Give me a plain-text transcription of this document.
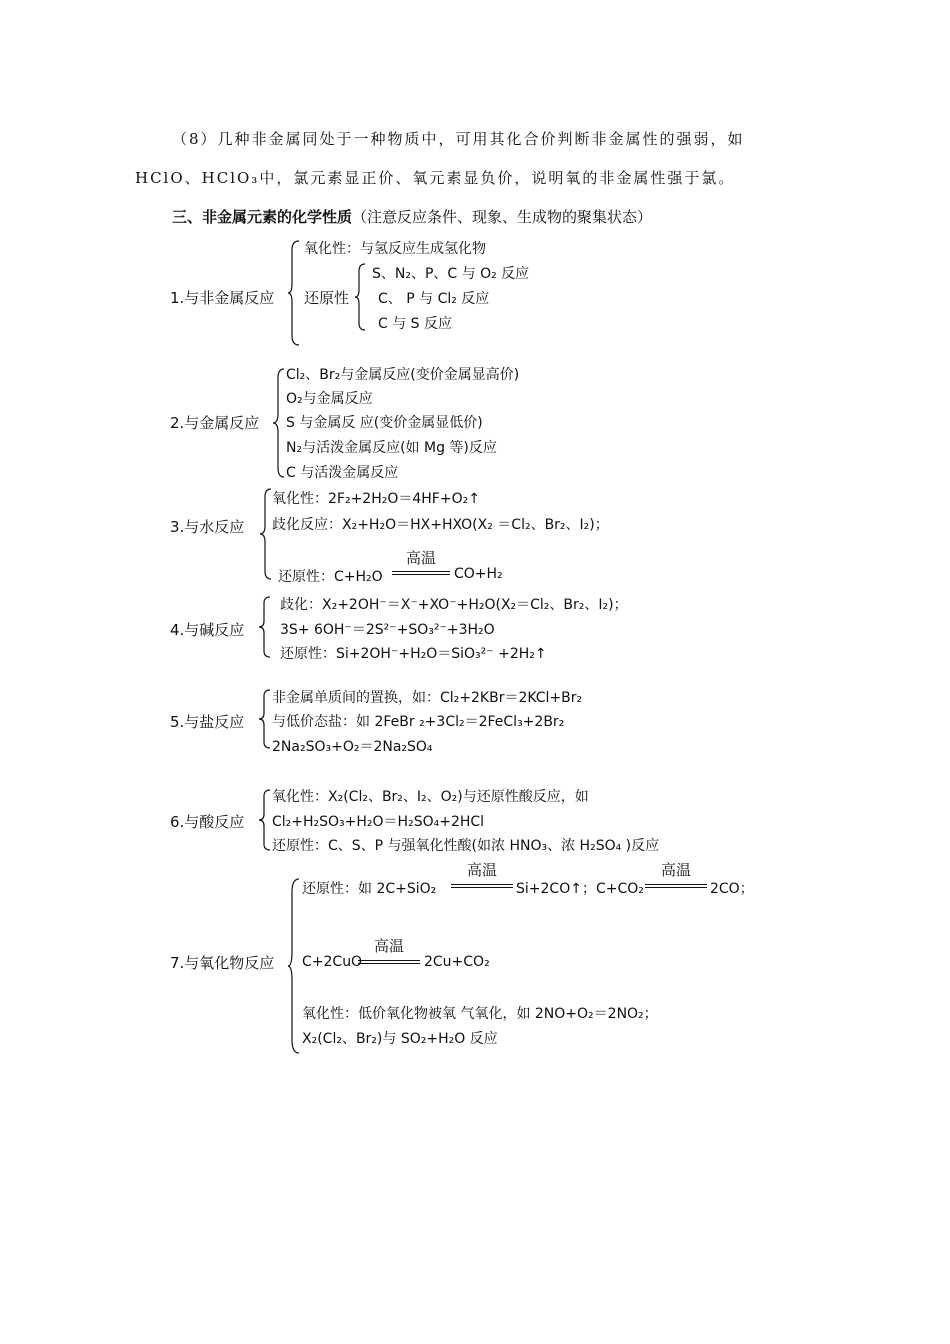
（8）几种非金属同处于一种物质中，可用其化合价判断非金属性的强弱，如
HClO、HClO₃中，氯元素显正价、氧元素显负价，说明氧的非金属性强于氯。
三、非金属元素的化学性质（注意反应条件、现象、生成物的聚集状态）
1.与非金属反应
氧化性：与氢反应生成氢化物
还原性
S、N₂、P、C 与 O₂ 反应
C、 P 与 Cl₂ 反应
C 与 S 反应
2.与金属反应
Cl₂、Br₂与金属反应(变价金属显高价)
O₂与金属反应
S 与金属反 应(变价金属显低价)
N₂与活泼金属反应(如 Mg 等)反应
C 与活泼金属反应
3.与水反应
氧化性：2F₂+2H₂O＝4HF+O₂↑
歧化反应：X₂+H₂O＝HX+HXO(X₂ ＝Cl₂、Br₂、I₂)；
还原性：C+H₂O
高温
CO+H₂
4.与碱反应
歧化：X₂+2OH⁻＝X⁻+XO⁻+H₂O(X₂＝Cl₂、Br₂、I₂)；
3S+ 6OH⁻＝2S²⁻+SO₃²⁻+3H₂O
还原性：Si+2OH⁻+H₂O＝SiO₃²⁻ +2H₂↑
5.与盐反应
非金属单质间的置换，如：Cl₂+2KBr＝2KCl+Br₂
与低价态盐：如 2FeBr ₂+3Cl₂＝2FeCl₃+2Br₂
2Na₂SO₃+O₂＝2Na₂SO₄
6.与酸反应
氧化性：X₂(Cl₂、Br₂、I₂、O₂)与还原性酸反应，如
Cl₂+H₂SO₃+H₂O＝H₂SO₄+2HCl
还原性：C、S、P 与强氧化性酸(如浓 HNO₃、浓 H₂SO₄ )反应
7.与氧化物反应
还原性：如 2C+SiO₂
高温
Si+2CO↑；C+CO₂
高温
2CO；
C+2CuO
高温
2Cu+CO₂
氧化性：低价氧化物被氧 气氧化，如 2NO+O₂＝2NO₂；
X₂(Cl₂、Br₂)与 SO₂+H₂O 反应
